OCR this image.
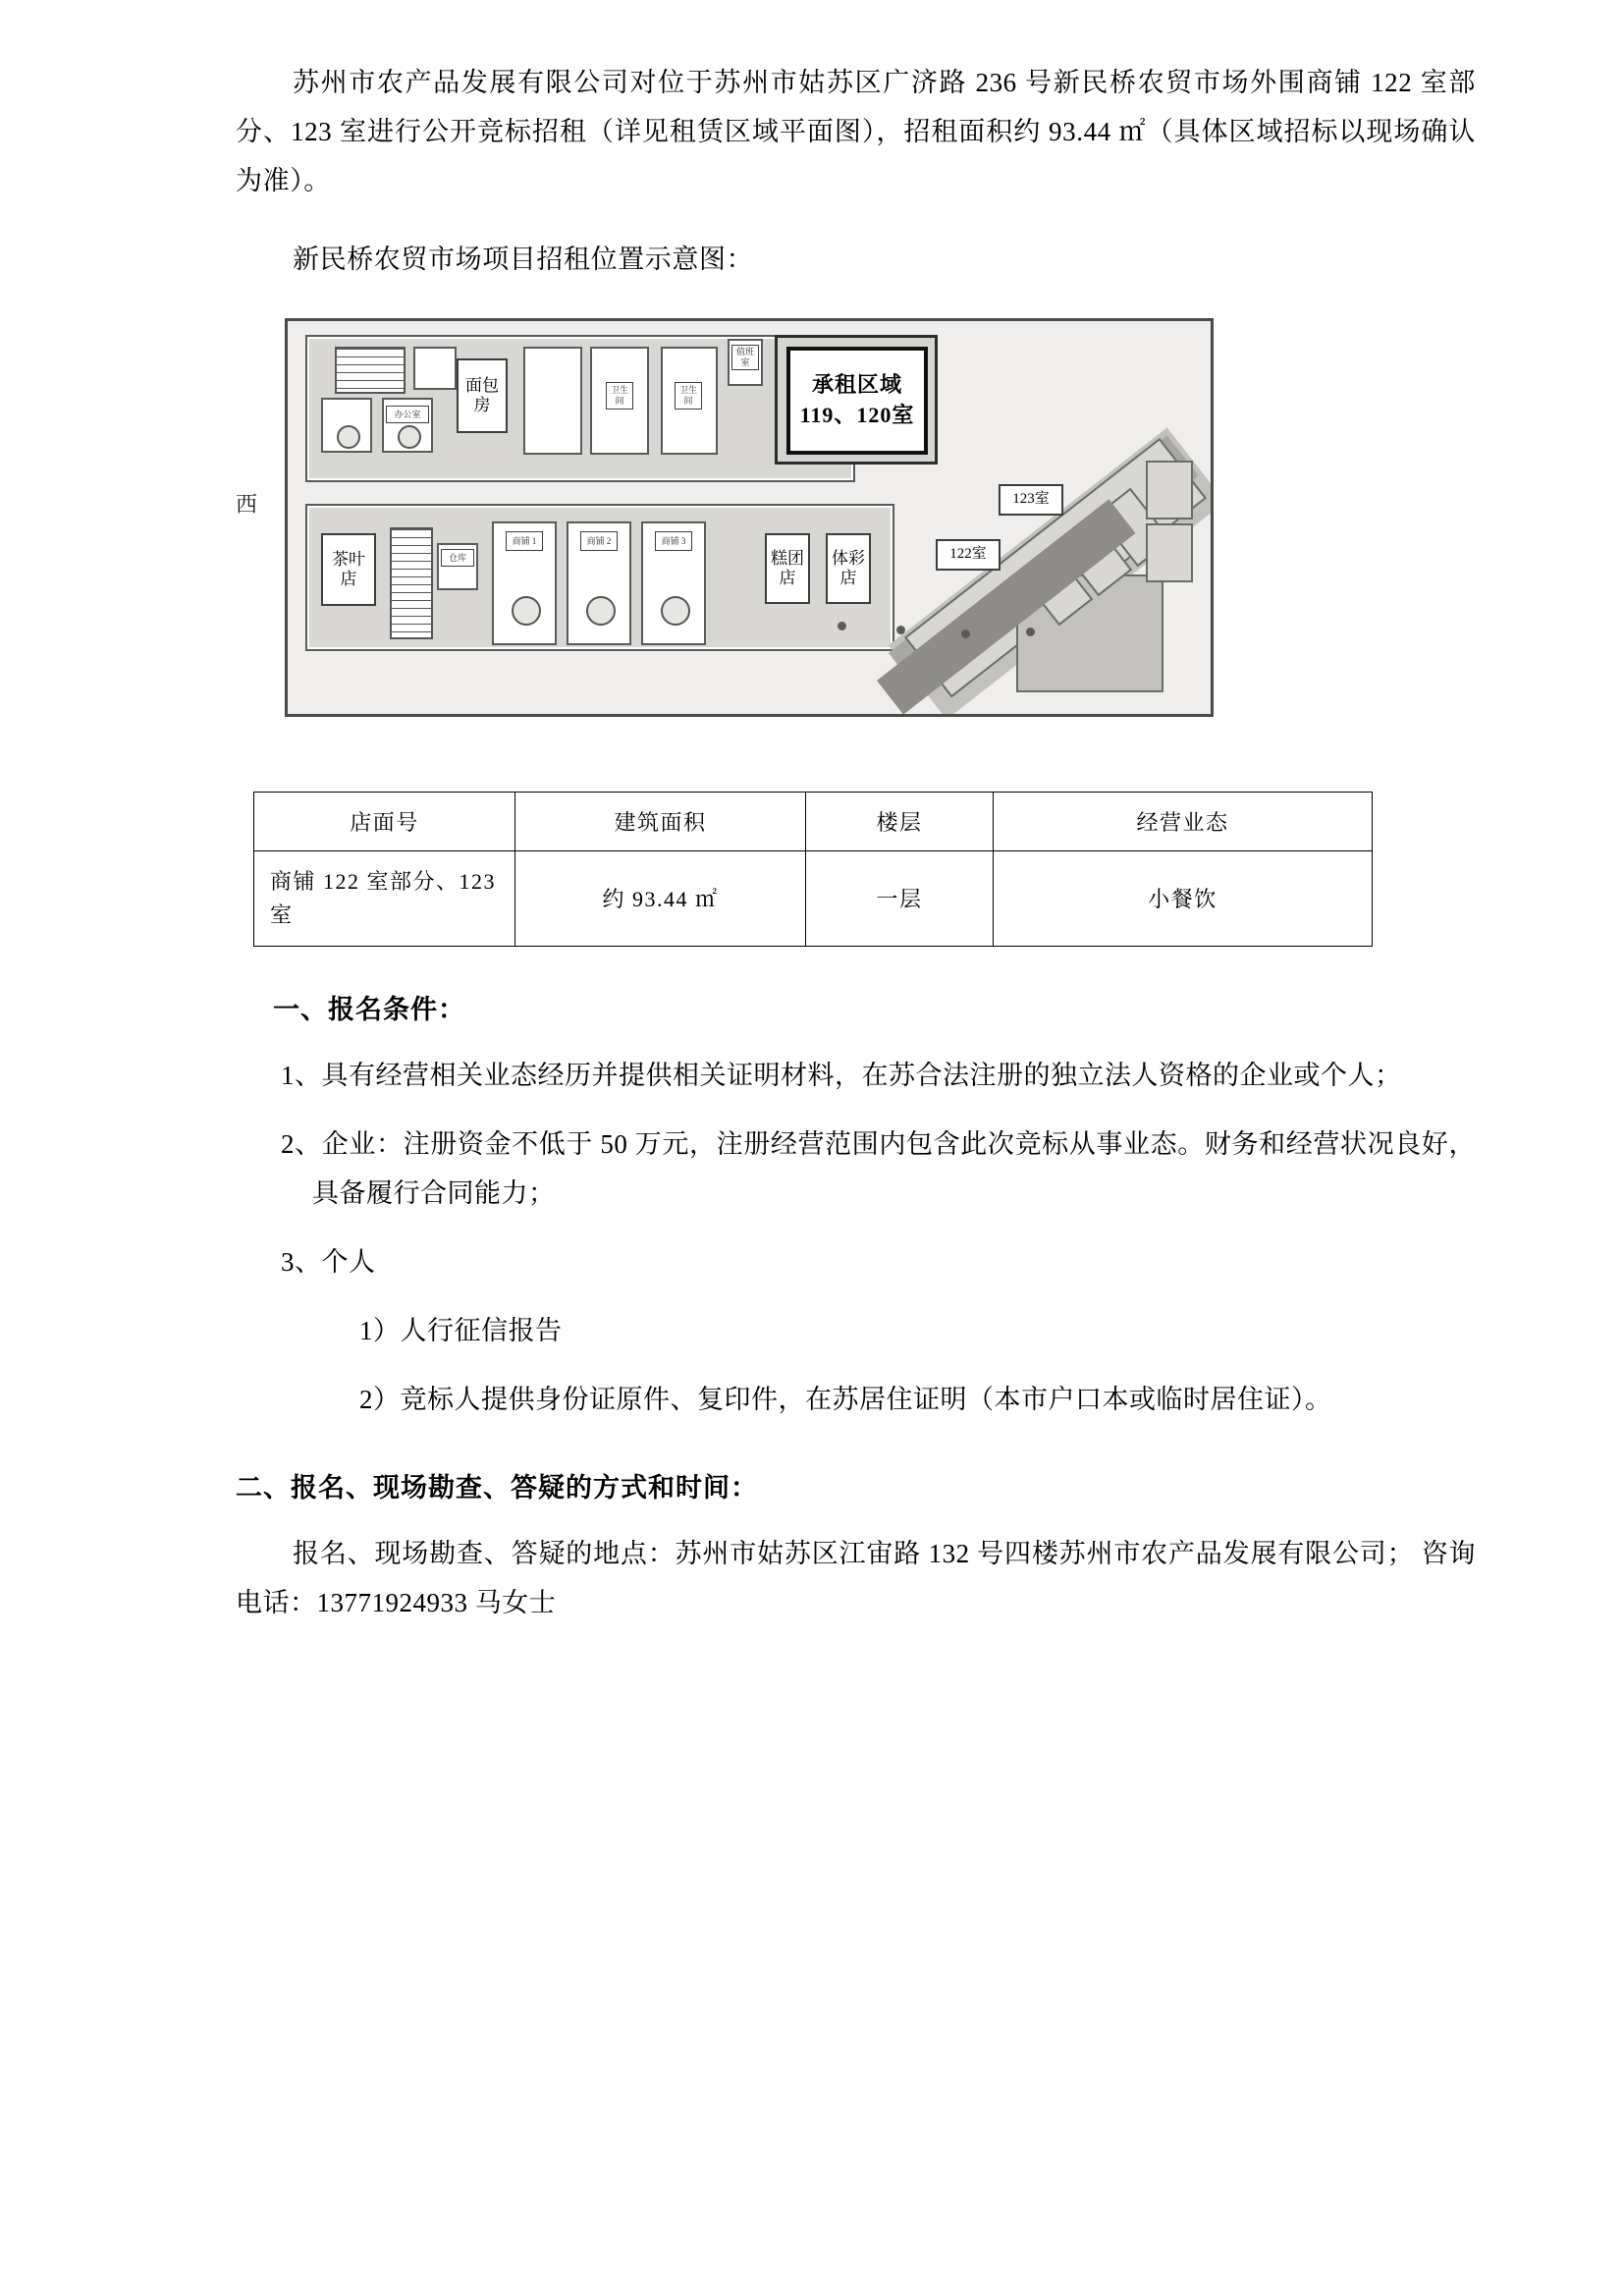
苏州市农产品发展有限公司对位于苏州市姑苏区广济路 236 号新民桥农贸市场外围商铺 122 室部分、123 室进行公开竞标招租（详见租赁区域平面图），招租面积约 93.44 ㎡（具体区域招标以现场确认为准）。

新民桥农贸市场项目招租位置示意图：

西
办公室
面包房
卫生间
卫生间
值班室
承租区域
119、120室
茶叶店
仓库
商铺 1	商铺 2	商铺 3
糕团店
体彩店
122室
123室
店面号	建筑面积	楼层	经营业态
商铺 122 室部分、123 室	约 93.44 ㎡	一层	小餐饮
一、报名条件：

1、具有经营相关业态经历并提供相关证明材料，在苏合法注册的独立法人资格的企业或个人；

2、企业：注册资金不低于 50 万元，注册经营范围内包含此次竞标从事业态。财务和经营状况良好，具备履行合同能力；

3、个人

1）人行征信报告

2）竞标人提供身份证原件、复印件，在苏居住证明（本市户口本或临时居住证）。

二、报名、现场勘查、答疑的方式和时间：

报名、现场勘查、答疑的地点：苏州市姑苏区江宙路 132 号四楼苏州市农产品发展有限公司； 咨询电话：13771924933 马女士
